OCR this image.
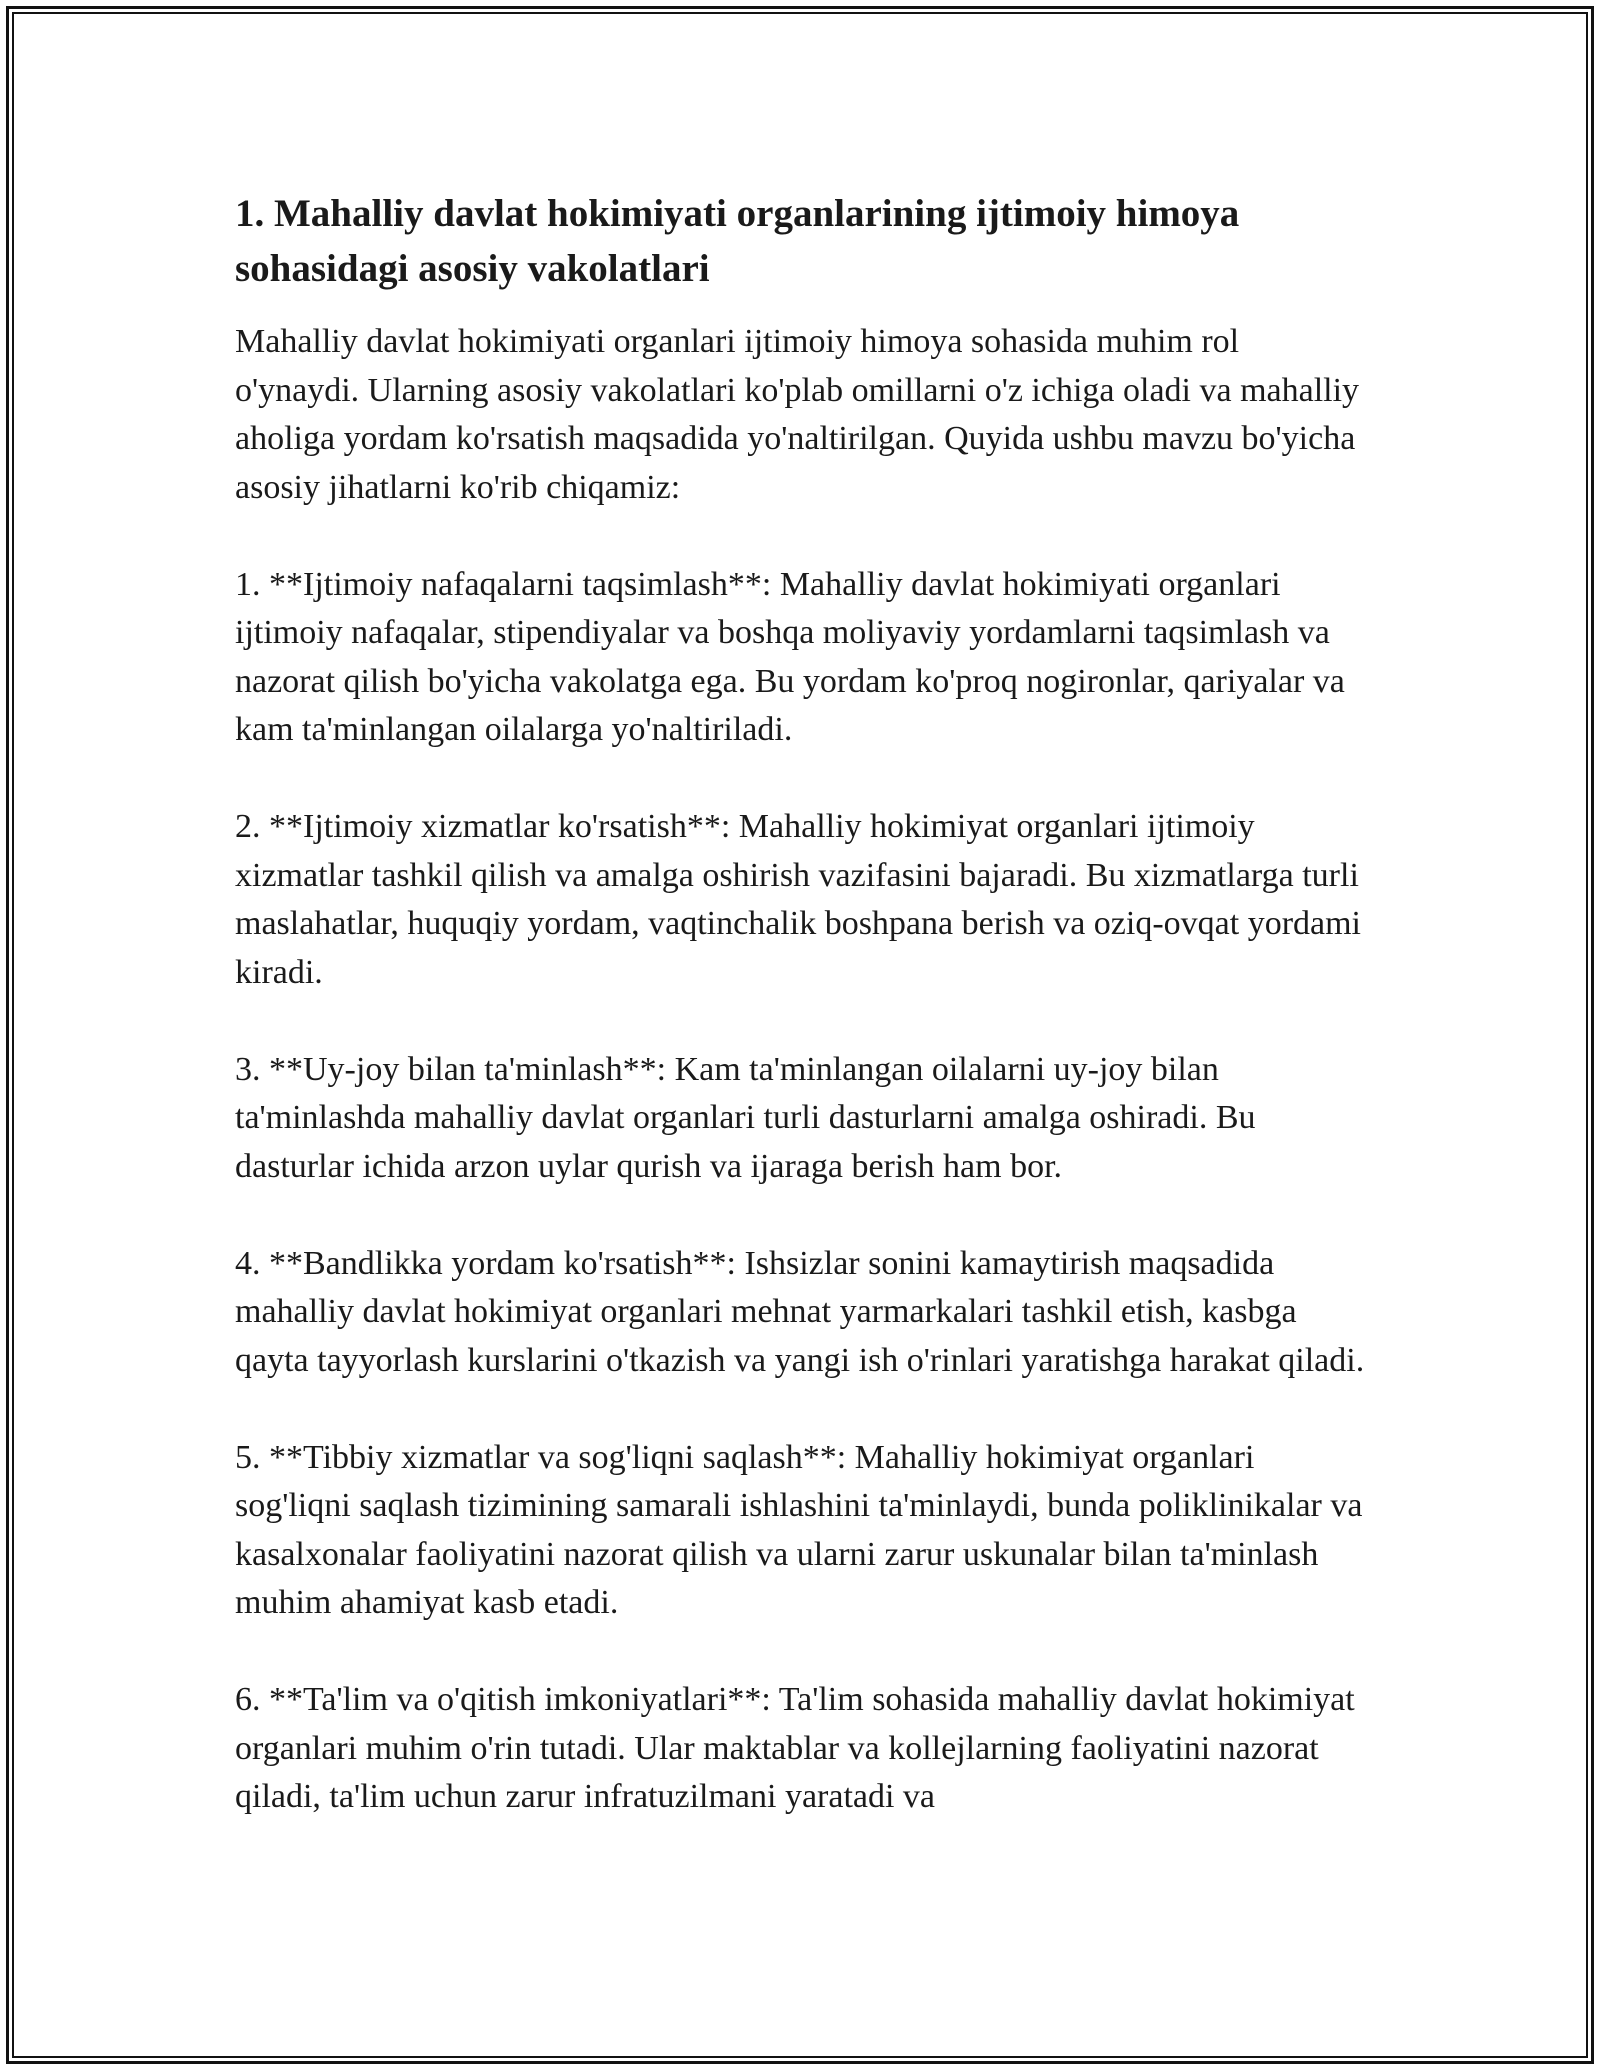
1. Mahalliy davlat hokimiyati organlarining ijtimoiy himoya sohasidagi asosiy vakolatlari

Mahalliy davlat hokimiyati organlari ijtimoiy himoya sohasida muhim rol o'ynaydi. Ularning asosiy vakolatlari ko'plab omillarni o'z ichiga oladi va mahalliy aholiga yordam ko'rsatish maqsadida yo'naltirilgan. Quyida ushbu mavzu bo'yicha asosiy jihatlarni ko'rib chiqamiz:

1. **Ijtimoiy nafaqalarni taqsimlash**: Mahalliy davlat hokimiyati organlari ijtimoiy nafaqalar, stipendiyalar va boshqa moliyaviy yordamlarni taqsimlash va nazorat qilish bo'yicha vakolatga ega. Bu yordam ko'proq nogironlar, qariyalar va kam ta'minlangan oilalarga yo'naltiriladi.

2. **Ijtimoiy xizmatlar ko'rsatish**: Mahalliy hokimiyat organlari ijtimoiy xizmatlar tashkil qilish va amalga oshirish vazifasini bajaradi. Bu xizmatlarga turli maslahatlar, huquqiy yordam, vaqtinchalik boshpana berish va oziq-ovqat yordami kiradi.

3. **Uy-joy bilan ta'minlash**: Kam ta'minlangan oilalarni uy-joy bilan ta'minlashda mahalliy davlat organlari turli dasturlarni amalga oshiradi. Bu dasturlar ichida arzon uylar qurish va ijaraga berish ham bor.

4. **Bandlikka yordam ko'rsatish**: Ishsizlar sonini kamaytirish maqsadida mahalliy davlat hokimiyat organlari mehnat yarmarkalari tashkil etish, kasbga qayta tayyorlash kurslarini o'tkazish va yangi ish o'rinlari yaratishga harakat qiladi.

5. **Tibbiy xizmatlar va sog'liqni saqlash**: Mahalliy hokimiyat organlari sog'liqni saqlash tizimining samarali ishlashini ta'minlaydi, bunda poliklinikalar va kasalxonalar faoliyatini nazorat qilish va ularni zarur uskunalar bilan ta'minlash muhim ahamiyat kasb etadi.

6. **Ta'lim va o'qitish imkoniyatlari**: Ta'lim sohasida mahalliy davlat hokimiyat organlari muhim o'rin tutadi. Ular maktablar va kollejlarning faoliyatini nazorat qiladi, ta'lim uchun zarur infratuzilmani yaratadi va
